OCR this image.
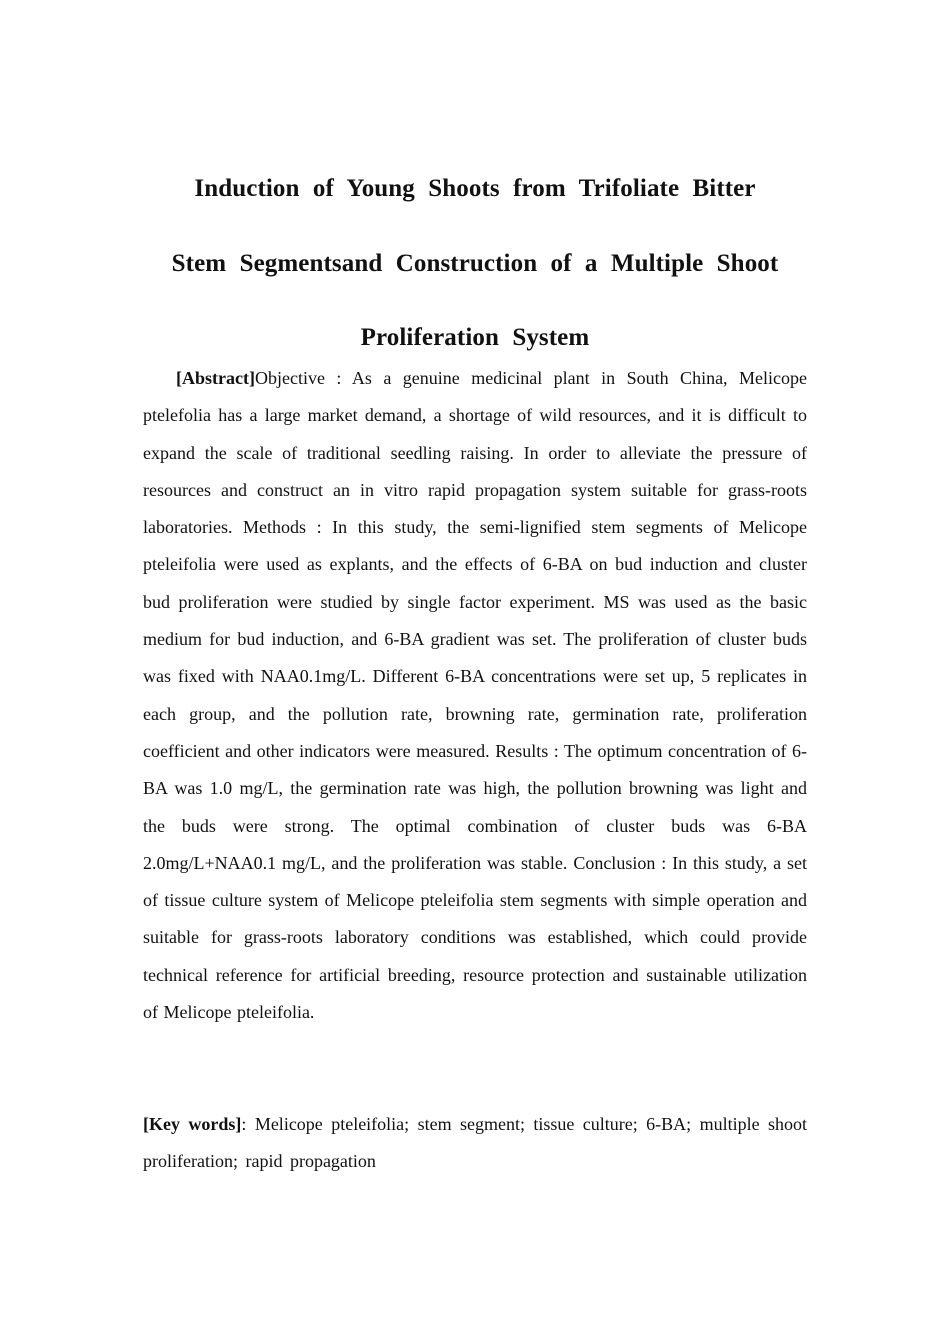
Induction of Young Shoots from Trifoliate Bitter
Stem Segmentsand Construction of a Multiple Shoot
Proliferation System

[Abstract]Objective : As a genuine medicinal plant in South China, Melicope ptelefolia has a large market demand, a shortage of wild resources, and it is difficult to expand the scale of traditional seedling raising. In order to alleviate the pressure of resources and construct an in vitro rapid propagation system suitable for grass-roots laboratories. Methods : In this study, the semi-lignified stem segments of Melicope pteleifolia were used as explants, and the effects of 6-BA on bud induction and cluster bud proliferation were studied by single factor experiment. MS was used as the basic medium for bud induction, and 6-BA gradient was set. The proliferation of cluster buds was fixed with NAA0.1mg/L. Different 6-BA concentrations were set up, 5 replicates in each group, and the pollution rate, browning rate, germination rate, proliferation coefficient and other indicators were measured. Results : The optimum concentration of 6-BA was 1.0 mg/L, the germination rate was high, the pollution browning was light and the buds were strong. The optimal combination of cluster buds was 6-BA 2.0mg/L+NAA0.1 mg/L, and the proliferation was stable. Conclusion : In this study, a set of tissue culture system of Melicope pteleifolia stem segments with simple operation and suitable for grass-roots laboratory conditions was established, which could provide technical reference for artificial breeding, resource protection and sustainable utilization of Melicope pteleifolia.

[Key words]: Melicope pteleifolia; stem segment; tissue culture; 6-BA; multiple shoot proliferation; rapid propagation
